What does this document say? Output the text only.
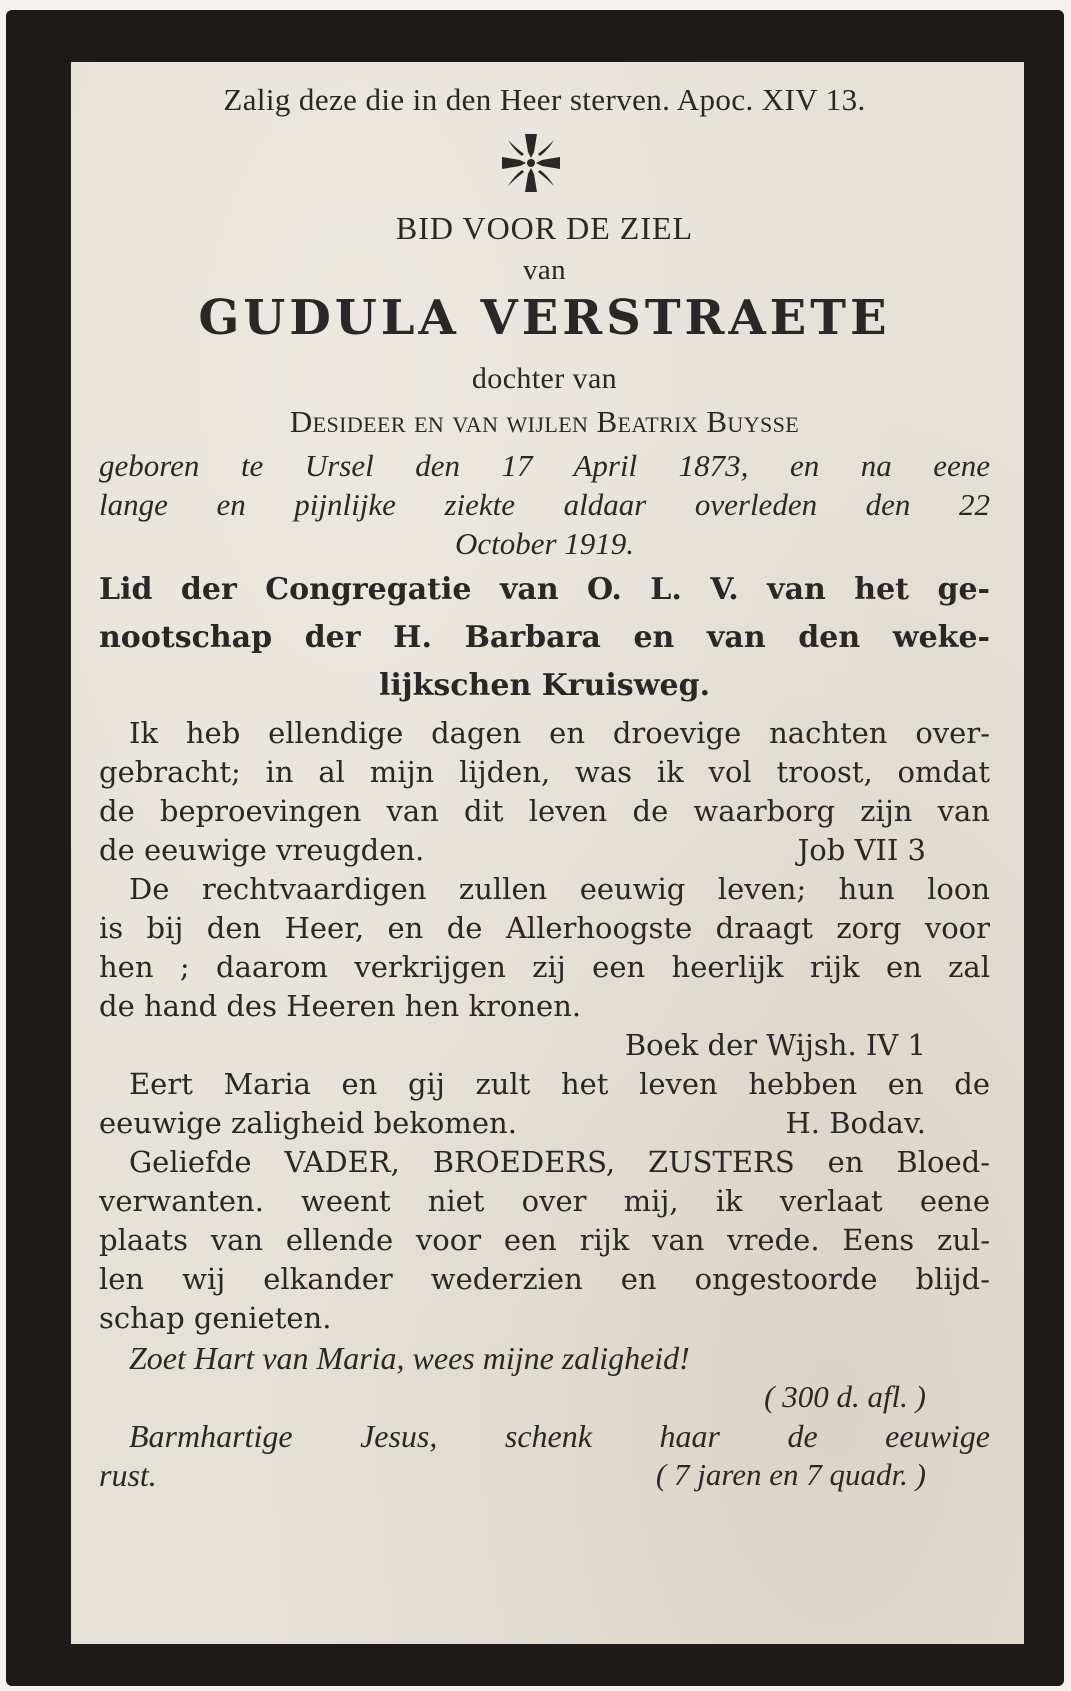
Zalig deze die in den Heer sterven. Apoc. XIV 13.
BID VOOR DE ZIEL
van
GUDULA VERSTRAETE
dochter van
Desideer en van wijlen Beatrix Buysse
geboren te Ursel den 17 April 1873, en na eene
lange en pijnlijke ziekte aldaar overleden den 22
October 1919.
Lid der Congregatie van O. L. V. van het ge-
nootschap der H. Barbara en van den weke-
lijkschen Kruisweg.
Ik heb ellendige dagen en droevige nachten over-
gebracht; in al mijn lijden, was ik vol troost, omdat
de beproevingen van dit leven de waarborg zijn van
de eeuwige vreugden.	Job VII 3
De rechtvaardigen zullen eeuwig leven; hun loon
is bij den Heer, en de Allerhoogste draagt zorg voor
hen ; daarom verkrijgen zij een heerlijk rijk en zal
de hand des Heeren hen kronen.
Boek der Wijsh. IV 1
Eert Maria en gij zult het leven hebben en de
eeuwige zaligheid bekomen.	H. Bodav.
Geliefde VADER, BROEDERS, ZUSTERS en Bloed-
verwanten. weent niet over mij, ik verlaat eene
plaats van ellende voor een rijk van vrede. Eens zul-
len wij elkander wederzien en ongestoorde blijd-
schap genieten.
Zoet Hart van Maria, wees mijne zaligheid!
( 300 d. afl. )
Barmhartige Jesus, schenk haar de eeuwige
rust.	( 7 jaren en 7 quadr. )
